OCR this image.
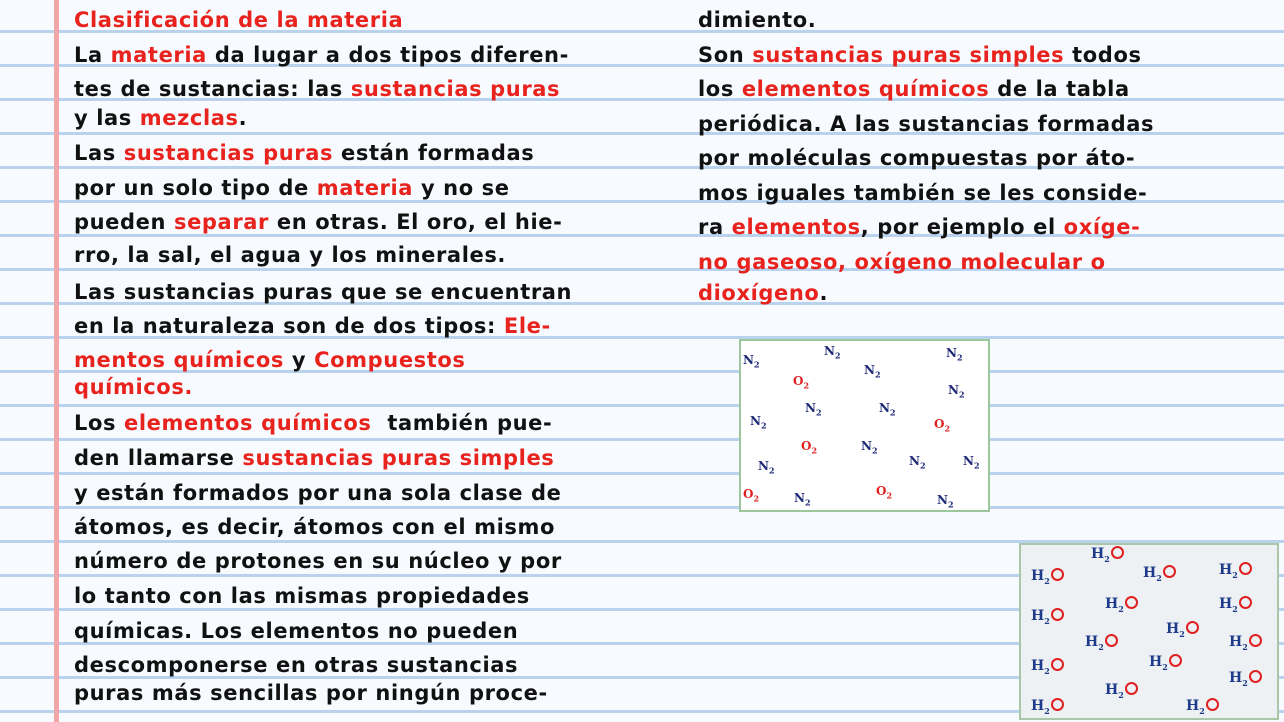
Clasificación de la materia
La materia da lugar a dos tipos diferen-
tes de sustancias: las sustancias puras
y las mezclas.
Las sustancias puras están formadas
por un solo tipo de materia y no se
pueden separar en otras. El oro, el hie-
rro, la sal, el agua y los minerales.
Las sustancias puras que se encuentran
en la naturaleza son de dos tipos: Ele-
mentos químicos y Compuestos
químicos.
Los elementos químicos  también pue-
den llamarse sustancias puras simples
y están formados por una sola clase de
átomos, es decir, átomos con el mismo
número de protones en su núcleo y por
lo tanto con las mismas propiedades
químicas. Los elementos no pueden
descomponerse en otras sustancias
puras más sencillas por ningún proce-
dimiento.
Son sustancias puras simples todos
los elementos químicos de la tabla
periódica. A las sustancias formadas
por moléculas compuestas por áto-
mos iguales también se les conside-
ra elementos, por ejemplo el oxíge-
no gaseoso, oxígeno molecular o
dioxígeno.
$N_2$
$N_2$
$N_2$
$N_2$
$N_2$
$N_2$	$N_2$
$N_2$
$N_2$
$N_2$	$N_2$
$N_2$
$N_2$	$N_2$
$O_2$
$O_2$
$O_2$
$O_2$
$O_2$
$H_2$
$H_2$	$H_2$	$H_2$
$H_2$	$H_2$
$H_2$
$H_2$
$H_2$	$H_2$
$H_2$
$H_2$
$H_2$
$H_2$
$H_2$	$H_2$
